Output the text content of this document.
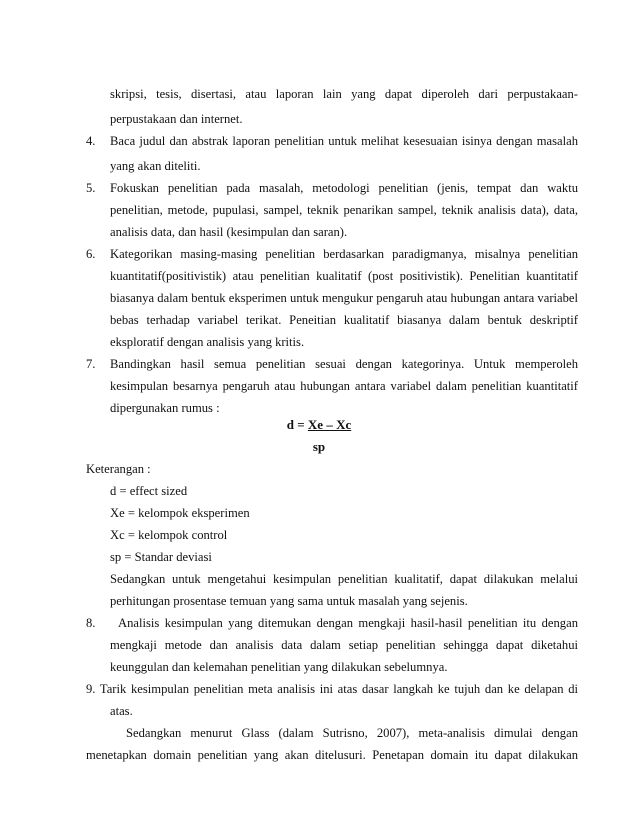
skripsi, tesis, disertasi, atau laporan lain yang dapat diperoleh dari perpustakaan-
perpustakaan dan internet.
4. Baca judul dan abstrak laporan penelitian untuk melihat kesesuaian isinya dengan masalah
yang akan diteliti.
5. Fokuskan penelitian pada masalah, metodologi penelitian (jenis, tempat dan waktu
penelitian, metode, pupulasi, sampel, teknik penarikan sampel, teknik analisis data), data,
analisis data, dan hasil (kesimpulan dan saran).
6. Kategorikan masing-masing penelitian berdasarkan paradigmanya, misalnya penelitian
kuantitatif(positivistik) atau penelitian kualitatif (post positivistik). Penelitian kuantitatif
biasanya dalam bentuk eksperimen untuk mengukur pengaruh atau hubungan antara variabel
bebas terhadap variabel terikat. Peneitian kualitatif biasanya dalam bentuk deskriptif
eksploratif dengan analisis yang kritis.
7. Bandingkan hasil semua penelitian sesuai dengan kategorinya. Untuk memperoleh
kesimpulan besarnya pengaruh atau hubungan antara variabel dalam penelitian kuantitatif
dipergunakan rumus :
d = Xe – Xc
sp
Keterangan :
d = effect sized
Xe = kelompok eksperimen
Xc = kelompok control
sp = Standar deviasi
Sedangkan untuk mengetahui kesimpulan penelitian kualitatif, dapat dilakukan melalui
perhitungan prosentase temuan yang sama untuk masalah yang sejenis.
8. Analisis kesimpulan yang ditemukan dengan mengkaji hasil-hasil penelitian itu dengan
mengkaji metode dan analisis data dalam setiap penelitian sehingga dapat diketahui
keunggulan dan kelemahan penelitian yang dilakukan sebelumnya.
9. Tarik kesimpulan penelitian meta analisis ini atas dasar langkah ke tujuh dan ke delapan di
atas.
Sedangkan menurut Glass (dalam Sutrisno, 2007), meta-analisis dimulai dengan
menetapkan domain penelitian yang akan ditelusuri. Penetapan domain itu dapat dilakukan
